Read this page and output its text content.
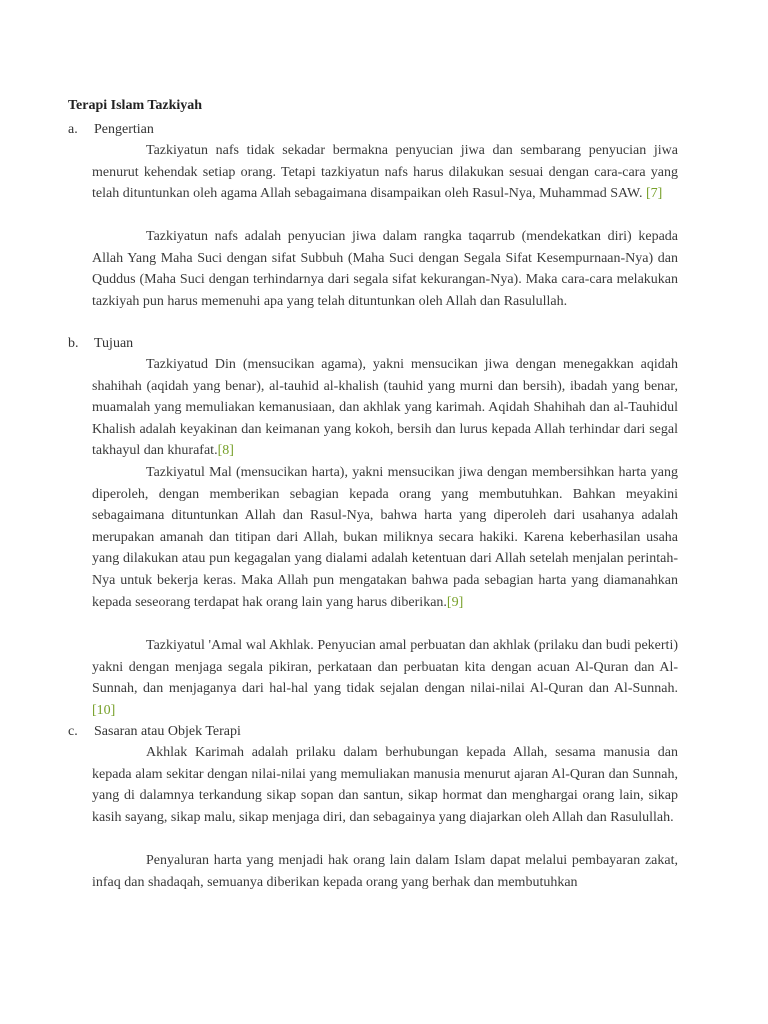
Terapi Islam Tazkiyah
a. Pengertian
Tazkiyatun nafs tidak sekadar bermakna penyucian jiwa dan sembarang penyucian jiwa menurut kehendak setiap orang. Tetapi tazkiyatun nafs harus dilakukan sesuai dengan cara-cara yang telah dituntunkan oleh agama Allah sebagaimana disampaikan oleh Rasul-Nya, Muhammad SAW. [7]
Tazkiyatun nafs adalah penyucian jiwa dalam rangka taqarrub (mendekatkan diri) kepada Allah Yang Maha Suci dengan sifat Subbuh (Maha Suci dengan Segala Sifat Kesempurnaan-Nya) dan Quddus (Maha Suci dengan terhindarnya dari segala sifat kekurangan-Nya). Maka cara-cara melakukan tazkiyah pun harus memenuhi apa yang telah dituntunkan oleh Allah dan Rasulullah.
b. Tujuan
Tazkiyatud Din (mensucikan agama), yakni mensucikan jiwa dengan menegakkan aqidah shahihah (aqidah yang benar), al-tauhid al-khalish (tauhid yang murni dan bersih), ibadah yang benar, muamalah yang memuliakan kemanusiaan, dan akhlak yang karimah. Aqidah Shahihah dan al-Tauhidul Khalish adalah keyakinan dan keimanan yang kokoh, bersih dan lurus kepada Allah terhindar dari segal takhayul dan khurafat.[8]
Tazkiyatul Mal (mensucikan harta), yakni mensucikan jiwa dengan membersihkan harta yang diperoleh, dengan memberikan sebagian kepada orang yang membutuhkan. Bahkan meyakini sebagaimana dituntunkan Allah dan Rasul-Nya, bahwa harta yang diperoleh dari usahanya adalah merupakan amanah dan titipan dari Allah, bukan miliknya secara hakiki. Karena keberhasilan usaha yang dilakukan atau pun kegagalan yang dialami adalah ketentuan dari Allah setelah menjalan perintah-Nya untuk bekerja keras. Maka Allah pun mengatakan bahwa pada sebagian harta yang diamanahkan kepada seseorang terdapat hak orang lain yang harus diberikan.[9]
Tazkiyatul 'Amal wal Akhlak. Penyucian amal perbuatan dan akhlak (prilaku dan budi pekerti) yakni dengan menjaga segala pikiran, perkataan dan perbuatan kita dengan acuan Al-Quran dan Al-Sunnah, dan menjaganya dari hal-hal yang tidak sejalan dengan nilai-nilai Al-Quran dan Al-Sunnah. [10]
c. Sasaran atau Objek Terapi
Akhlak Karimah adalah prilaku dalam berhubungan kepada Allah, sesama manusia dan kepada alam sekitar dengan nilai-nilai yang memuliakan manusia menurut ajaran Al-Quran dan Sunnah, yang di dalamnya terkandung sikap sopan dan santun, sikap hormat dan menghargai orang lain, sikap kasih sayang, sikap malu, sikap menjaga diri, dan sebagainya yang diajarkan oleh Allah dan Rasulullah.
Penyaluran harta yang menjadi hak orang lain dalam Islam dapat melalui pembayaran zakat, infaq dan shadaqah, semuanya diberikan kepada orang yang berhak dan membutuhkan
